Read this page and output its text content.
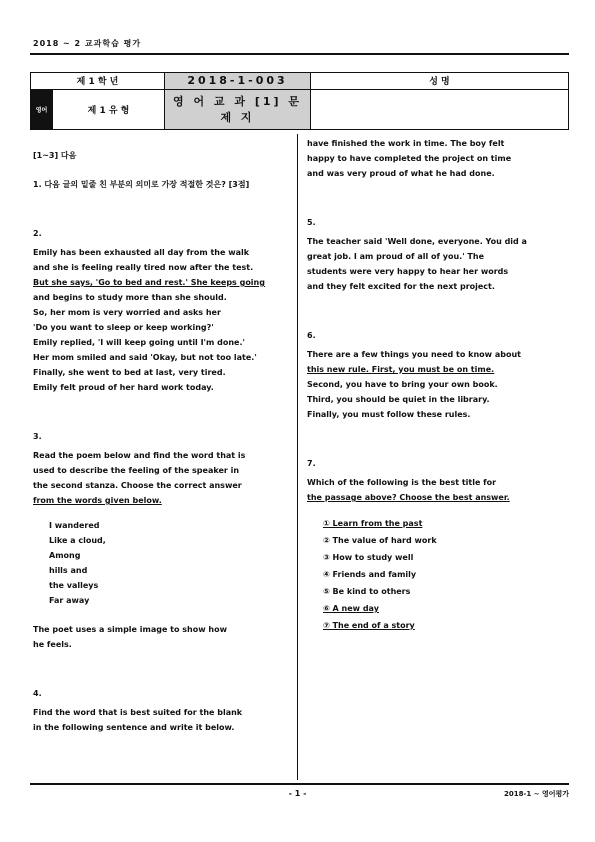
2018 ~ 2 교과학습 평가
제 1 학 년		2018-1-003	성 명
영어	제 1 유 형	영 어 교 과 [1] 문 제 지	

[1~3] 다음

1. 다음 글의 밑줄 친 부분의 의미로 가장 적절한 것은? [3점]

2.

Emily has been exhausted all day from the walk

and she is feeling really tired now after the test.

But she says, 'Go to bed and rest.' She keeps going

and begins to study more than she should.

So, her mom is very worried and asks her

'Do you want to sleep or keep working?'

Emily replied, 'I will keep going until I'm done.'

Her mom smiled and said 'Okay, but not too late.'

Finally, she went to bed at last, very tired.

Emily felt proud of her hard work today.

3.

Read the poem below and find the word that is

used to describe the feeling of the speaker in

the second stanza. Choose the correct answer

from the words given below.

I wandered

Like a cloud,

Among

hills and

the valleys

Far away

The poet uses a simple image to show how

he feels.

4.

Find the word that is best suited for the blank

in the following sentence and write it below.

have finished the work in time. The boy felt

happy to have completed the project on time

and was very proud of what he had done.

5.

The teacher said 'Well done, everyone. You did a

great job. I am proud of all of you.' The

students were very happy to hear her words

and they felt excited for the next project.

6.

There are a few things you need to know about

this new rule. First, you must be on time.

Second, you have to bring your own book.

Third, you should be quiet in the library.

Finally, you must follow these rules.

7.

Which of the following is the best title for

the passage above? Choose the best answer.

① Learn from the past

② The value of hard work

③ How to study well

④ Friends and family

⑤ Be kind to others

⑥ A new day

⑦ The end of a story

- 1 -	2018-1 ~ 영어평가
